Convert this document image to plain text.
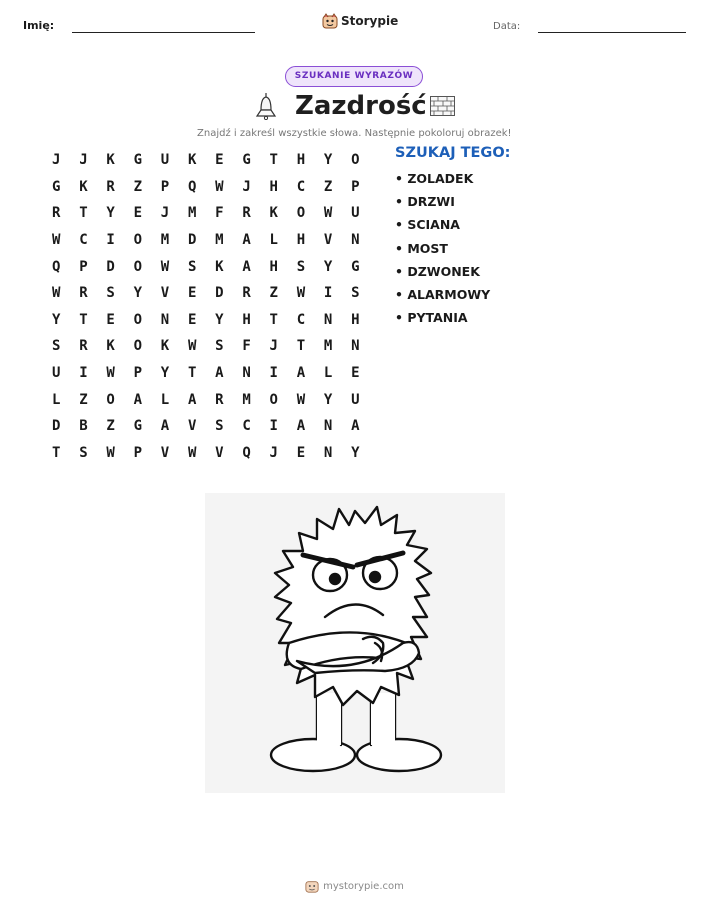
Imię:	Storypie	Data:
SZUKANIE WYRAZÓW
Zazdrość
Znajdź i zakreśl wszystkie słowa. Następnie pokoloruj obrazek!
J	J	K	G	U	K	E	G	T	H	Y	O
G	K	R	Z	P	Q	W	J	H	C	Z	P
R	T	Y	E	J	M	F	R	K	O	W	U
W	C	I	O	M	D	M	A	L	H	V	N
Q	P	D	O	W	S	K	A	H	S	Y	G
W	R	S	Y	V	E	D	R	Z	W	I	S
Y	T	E	O	N	E	Y	H	T	C	N	H
S	R	K	O	K	W	S	F	J	T	M	N
U	I	W	P	Y	T	A	N	I	A	L	E
L	Z	O	A	L	A	R	M	O	W	Y	U
D	B	Z	G	A	V	S	C	I	A	N	A
T	S	W	P	V	W	V	Q	J	E	N	Y
SZUKAJ TEGO:
• ZOLADEK
• DRZWI
• SCIANA
• MOST
• DZWONEK
• ALARMOWY
• PYTANIA
mystorypie.com
